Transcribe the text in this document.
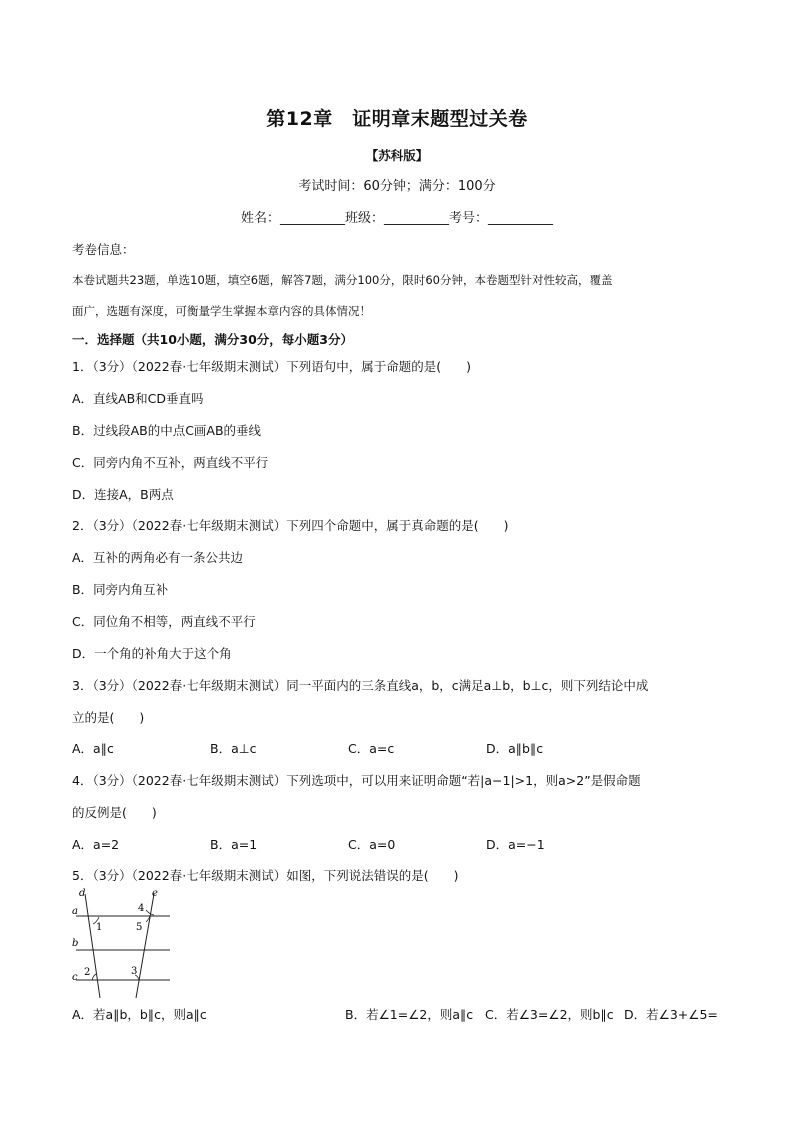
第12章　证明章末题型过关卷
【苏科版】
考试时间：60分钟；满分：100分
姓名：__________班级：__________考号：__________
考卷信息：
本卷试题共23题，单选10题，填空6题，解答7题，满分100分，限时60分钟，本卷题型针对性较高，覆盖
面广，选题有深度，可衡量学生掌握本章内容的具体情况！
一．选择题（共10小题，满分30分，每小题3分）
1．（3分）（2022春·七年级期末测试）下列语句中，属于命题的是(　　)
A．直线AB和CD垂直吗
B．过线段AB的中点C画AB的垂线
C．同旁内角不互补，两直线不平行
D．连接A，B两点
2．（3分）（2022春·七年级期末测试）下列四个命题中，属于真命题的是(　　)
A．互补的两角必有一条公共边
B．同旁内角互补
C．同位角不相等，两直线不平行
D．一个角的补角大于这个角
3．（3分）（2022春·七年级期末测试）同一平面内的三条直线a，b，c满足a⊥b，b⊥c，则下列结论中成
立的是(　　)
A．a∥c	B．a⊥c	C．a=c	D．a∥b∥c
4．（3分）（2022春·七年级期末测试）下列选项中，可以用来证明命题“若|a−1|>1，则a>2”是假命题
的反例是(　　)
A．a=2	B．a=1	C．a=0	D．a=−1
5．（3分）（2022春·七年级期末测试）如图，下列说法错误的是(　　)
d	e
a
b
c
1
2	3
4
5
A．若a∥b，b∥c，则a∥c	B．若∠1=∠2，则a∥c C．若∠3=∠2，则b∥c D．若∠3+∠5=
